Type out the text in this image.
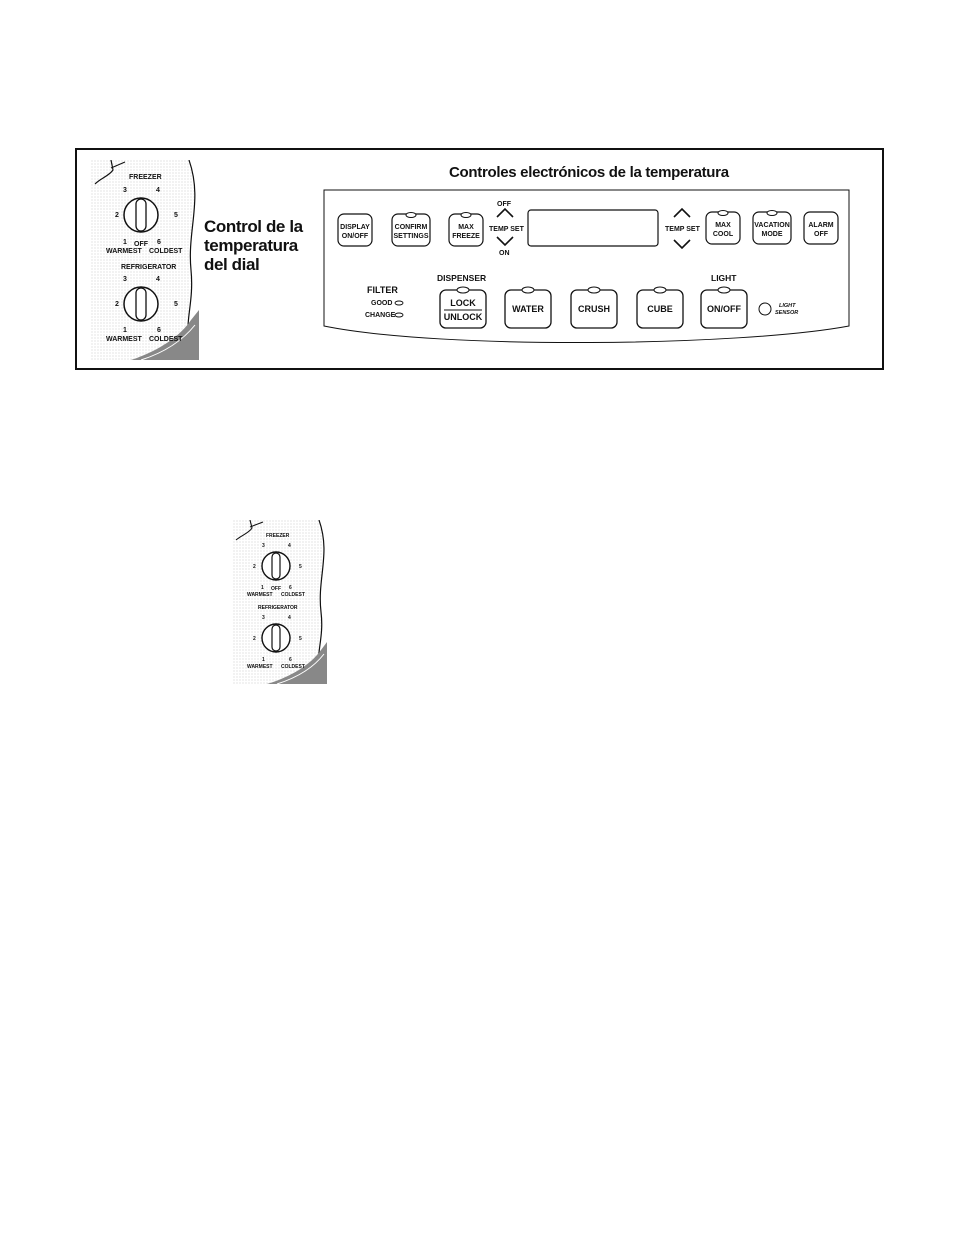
FREEZER
3	4
2	5
1	6
OFF
WARMEST COLDEST
REFRIGERATOR
3	4
2	5
1	6
WARMEST COLDEST
Control de la
temperatura
del dial
Controles electrónicos de la temperatura
DISPLAY
ON/OFF
CONFIRM
SETTINGS
MAX
FREEZE
OFF
TEMP SET
ON
TEMP SET
MAX
COOL
VACATION
MODE
ALARM
OFF
FILTER
GOOD
CHANGE
DISPENSER
LOCK
UNLOCK
WATER	CRUSH	CUBE
LIGHT
ON/OFF	LIGHT
SENSOR
FREEZER
3	4
2	5
1	6
OFF
WARMEST COLDEST
REFRIGERATOR
3	4
2	5
1	6
WARMEST COLDEST
